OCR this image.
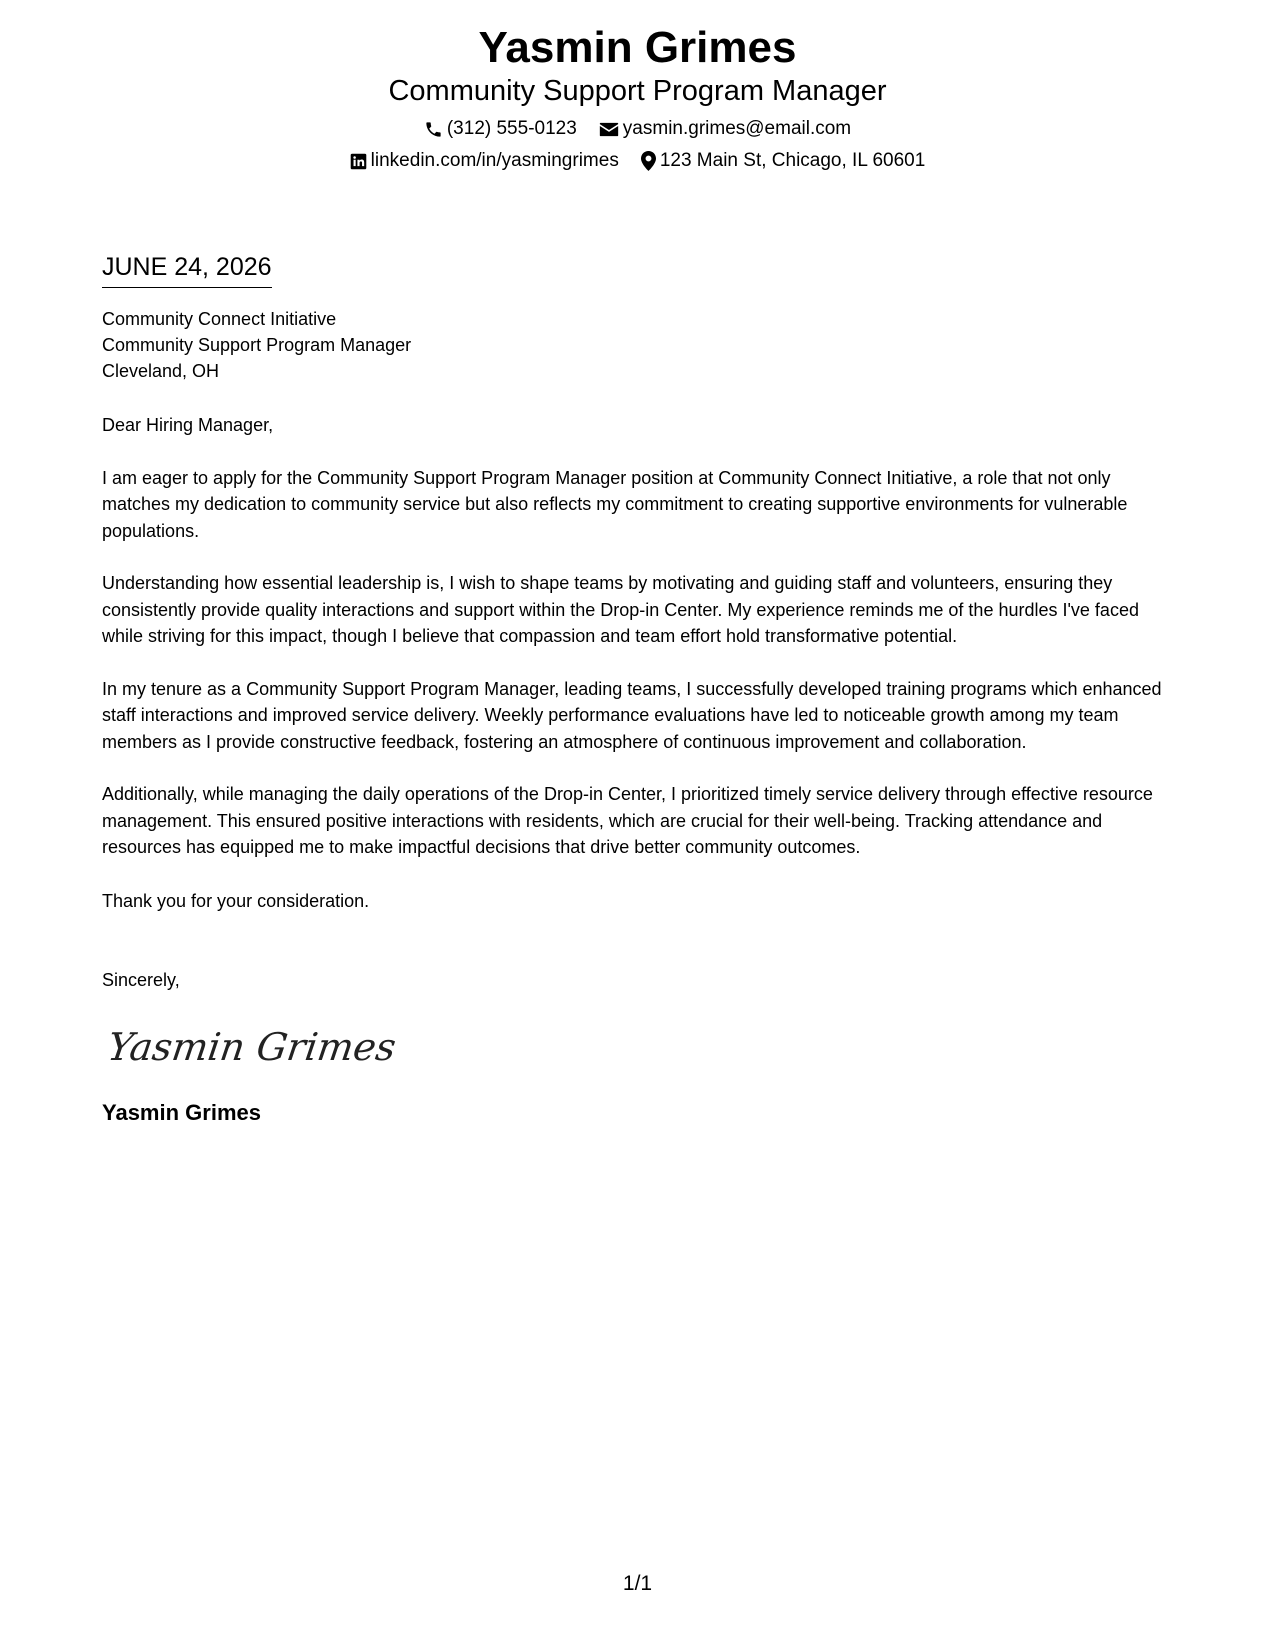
Yasmin Grimes
Community Support Program Manager
(312) 555-0123 yasmin.grimes@email.com
linkedin.com/in/yasmingrimes 123 Main St, Chicago, IL 60601
JUNE 24, 2026
Community Connect Initiative
Community Support Program Manager
Cleveland, OH
Dear Hiring Manager,
I am eager to apply for the Community Support Program Manager position at Community Connect Initiative, a role that not only matches my dedication to community service but also reflects my commitment to creating supportive environments for vulnerable populations.
Understanding how essential leadership is, I wish to shape teams by motivating and guiding staff and volunteers, ensuring they consistently provide quality interactions and support within the Drop-in Center. My experience reminds me of the hurdles I've faced while striving for this impact, though I believe that compassion and team effort hold transformative potential.
In my tenure as a Community Support Program Manager, leading teams, I successfully developed training programs which enhanced staff interactions and improved service delivery. Weekly performance evaluations have led to noticeable growth among my team members as I provide constructive feedback, fostering an atmosphere of continuous improvement and collaboration.
Additionally, while managing the daily operations of the Drop-in Center, I prioritized timely service delivery through effective resource management. This ensured positive interactions with residents, which are crucial for their well-being. Tracking attendance and resources has equipped me to make impactful decisions that drive better community outcomes.
Thank you for your consideration.
Sincerely,
Yasmin Grimes
Yasmin Grimes
1/1
